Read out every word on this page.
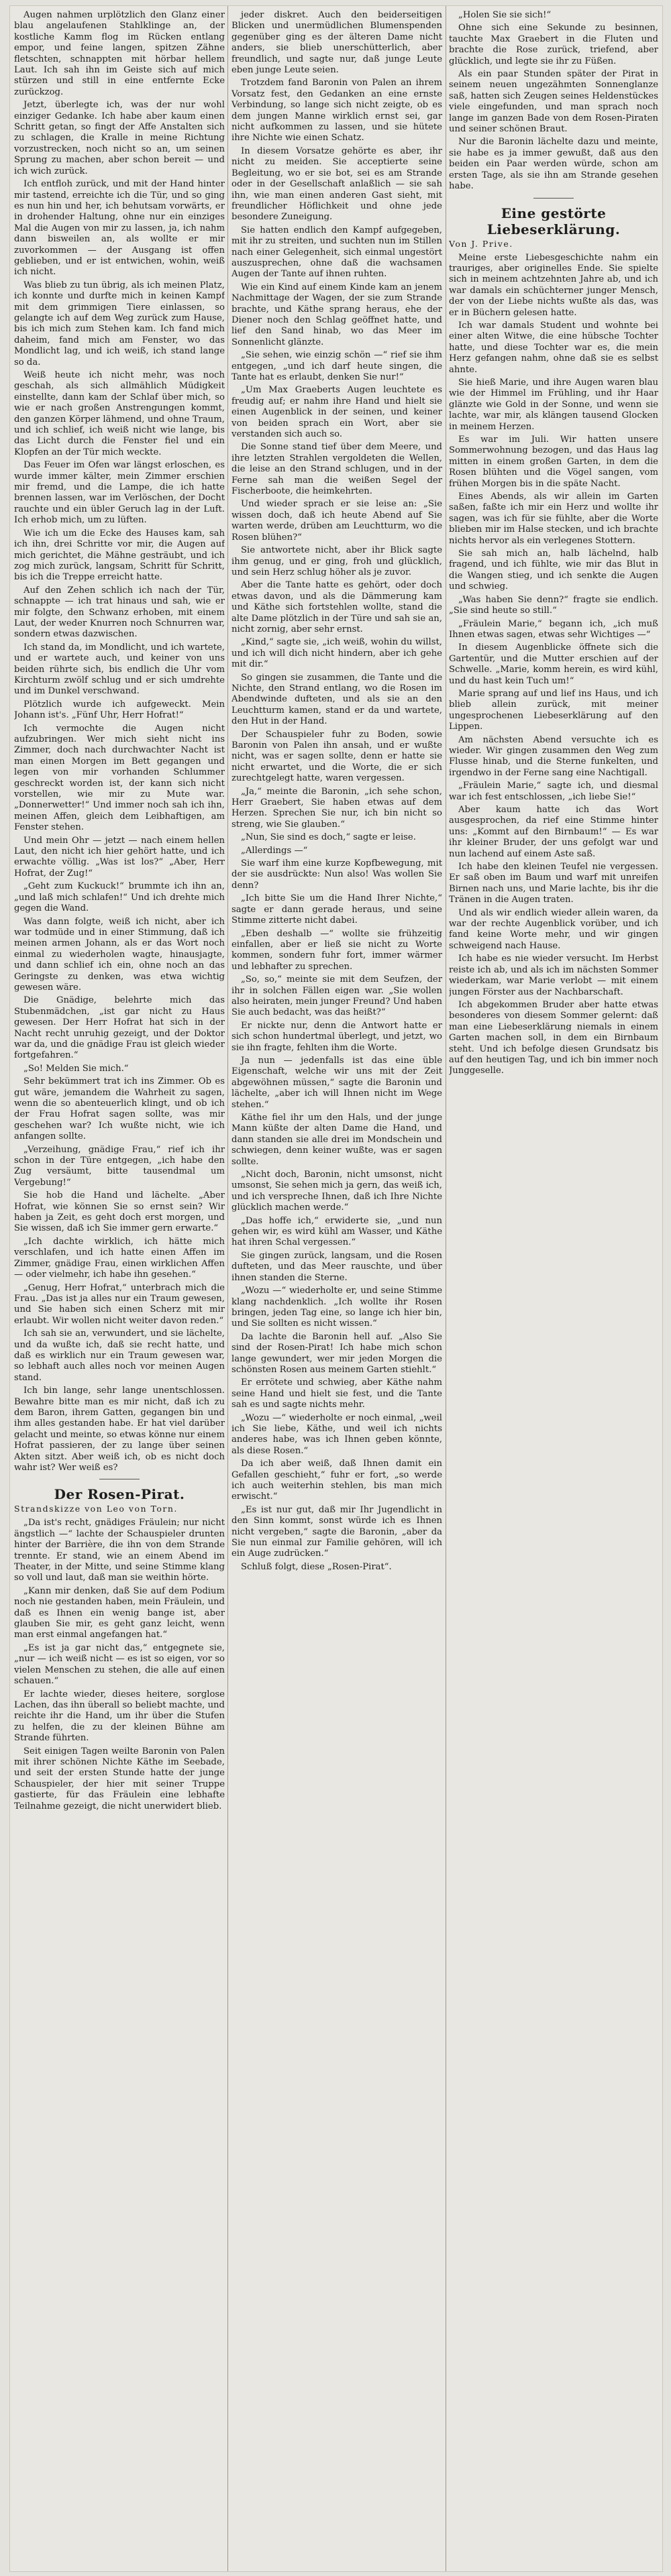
Augen nahmen urplötzlich den Glanz einer blau angelaufenen Stahlklinge an, der kostliche Kamm flog im Rücken entlang empor, und feine langen, spitzen Zähne fletschten, schnappten mit hörbar hellem Laut. Ich sah ihn im Geiste sich auf mich stürzen und still in eine entfernte Ecke zurückzog.

Jetzt, überlegte ich, was der nur wohl einziger Gedanke. Ich habe aber kaum einen Schritt getan, so fingt der Affe Anstalten sich zu schlagen, die Kralle in meine Richtung vorzustrecken, noch nicht so an, um seinen Sprung zu machen, aber schon bereit — und ich wich zurück.

Ich entfloh zurück, und mit der Hand hinter mir tastend, erreichte ich die Tür, und so ging es nun hin und her, ich behutsam vorwärts, er in drohender Haltung, ohne nur ein einziges Mal die Augen von mir zu lassen, ja, ich nahm dann bisweilen an, als wollte er mir zuvorkommen — der Ausgang ist offen geblieben, und er ist entwichen, wohin, weiß ich nicht.

Was blieb zu tun übrig, als ich meinen Platz, ich konnte und durfte mich in keinen Kampf mit dem grimmigen Tiere einlassen, so gelangte ich auf dem Weg zurück zum Hause, bis ich mich zum Stehen kam. Ich fand mich daheim, fand mich am Fenster, wo das Mondlicht lag, und ich weiß, ich stand lange so da.

Weiß heute ich nicht mehr, was noch geschah, als sich allmählich Müdigkeit einstellte, dann kam der Schlaf über mich, so wie er nach großen Anstrengungen kommt, den ganzen Körper lähmend, und ohne Traum, und ich schlief, ich weiß nicht wie lange, bis das Licht durch die Fenster fiel und ein Klopfen an der Tür mich weckte.

Das Feuer im Ofen war längst erloschen, es wurde immer kälter, mein Zimmer erschien mir fremd, und die Lampe, die ich hatte brennen lassen, war im Verlöschen, der Docht rauchte und ein übler Geruch lag in der Luft. Ich erhob mich, um zu lüften.

Wie ich um die Ecke des Hauses kam, sah ich ihn, drei Schritte vor mir, die Augen auf mich gerichtet, die Mähne gesträubt, und ich zog mich zurück, langsam, Schritt für Schritt, bis ich die Treppe erreicht hatte.

Auf den Zehen schlich ich nach der Tür, schnappte — ich trat hinaus und sah, wie er mir folgte, den Schwanz erhoben, mit einem Laut, der weder Knurren noch Schnurren war, sondern etwas dazwischen.

Ich stand da, im Mondlicht, und ich wartete, und er wartete auch, und keiner von uns beiden rührte sich, bis endlich die Uhr vom Kirchturm zwölf schlug und er sich umdrehte und im Dunkel verschwand.

Plötzlich wurde ich aufgeweckt. Mein Johann ist's. „Fünf Uhr, Herr Hofrat!“

Ich vermochte die Augen nicht aufzubringen. Wer mich sieht nicht ins Zimmer, doch nach durchwachter Nacht ist man einen Morgen im Bett gegangen und legen von mir vorhanden Schlummer geschreckt worden ist, der kann sich nicht vorstellen, wie mir zu Mute war. „Donnerwetter!“ Und immer noch sah ich ihn, meinen Affen, gleich dem Leibhaftigen, am Fenster stehen.

Und mein Ohr — jetzt — nach einem hellen Laut, den nicht ich hier gehört hatte, und ich erwachte völlig. „Was ist los?“ „Aber, Herr Hofrat, der Zug!“

„Geht zum Kuckuck!“ brummte ich ihn an, „und laß mich schlafen!“ Und ich drehte mich gegen die Wand.

Was dann folgte, weiß ich nicht, aber ich war todmüde und in einer Stimmung, daß ich meinen armen Johann, als er das Wort noch einmal zu wiederholen wagte, hinausjagte, und dann schlief ich ein, ohne noch an das Geringste zu denken, was etwa wichtig gewesen wäre.

Die Gnädige, belehrte mich das Stubenmädchen, „ist gar nicht zu Haus gewesen. Der Herr Hofrat hat sich in der Nacht recht unruhig gezeigt, und der Doktor war da, und die gnädige Frau ist gleich wieder fortgefahren.“

„So! Melden Sie mich.“

Sehr bekümmert trat ich ins Zimmer. Ob es gut wäre, jemandem die Wahrheit zu sagen, wenn die so abenteuerlich klingt, und ob ich der Frau Hofrat sagen sollte, was mir geschehen war? Ich wußte nicht, wie ich anfangen sollte.

„Verzeihung, gnädige Frau,“ rief ich ihr schon in der Türe entgegen, „ich habe den Zug versäumt, bitte tausendmal um Vergebung!“

Sie hob die Hand und lächelte. „Aber Hofrat, wie können Sie so ernst sein? Wir haben ja Zeit, es geht doch erst morgen, und Sie wissen, daß ich Sie immer gern erwarte.“

„Ich dachte wirklich, ich hätte mich verschlafen, und ich hatte einen Affen im Zimmer, gnädige Frau, einen wirklichen Affen — oder vielmehr, ich habe ihn gesehen.“

„Genug, Herr Hofrat,“ unterbrach mich die Frau. „Das ist ja alles nur ein Traum gewesen, und Sie haben sich einen Scherz mit mir erlaubt. Wir wollen nicht weiter davon reden.“

Ich sah sie an, verwundert, und sie lächelte, und da wußte ich, daß sie recht hatte, und daß es wirklich nur ein Traum gewesen war, so lebhaft auch alles noch vor meinen Augen stand.

Ich bin lange, sehr lange unentschlossen. Bewahre bitte man es mir nicht, daß ich zu dem Baron, ihrem Gatten, gegangen bin und ihm alles gestanden habe. Er hat viel darüber gelacht und meinte, so etwas könne nur einem Hofrat passieren, der zu lange über seinen Akten sitzt. Aber weiß ich, ob es nicht doch wahr ist? Wer weiß es?

Der Rosen-Pirat.
Strandskizze von Leo von Torn.

„Da ist's recht, gnädiges Fräulein; nur nicht ängstlich —“ lachte der Schauspieler drunten hinter der Barrière, die ihn von dem Strande trennte. Er stand, wie an einem Abend im Theater, in der Mitte, und seine Stimme klang so voll und laut, daß man sie weithin hörte.

„Kann mir denken, daß Sie auf dem Podium noch nie gestanden haben, mein Fräulein, und daß es Ihnen ein wenig bange ist, aber glauben Sie mir, es geht ganz leicht, wenn man erst einmal angefangen hat.“

„Es ist ja gar nicht das,“ entgegnete sie, „nur — ich weiß nicht — es ist so eigen, vor so vielen Menschen zu stehen, die alle auf einen schauen.“

Er lachte wieder, dieses heitere, sorglose Lachen, das ihn überall so beliebt machte, und reichte ihr die Hand, um ihr über die Stufen zu helfen, die zu der kleinen Bühne am Strande führten.

Seit einigen Tagen weilte Baronin von Palen mit ihrer schönen Nichte Käthe im Seebade, und seit der ersten Stunde hatte der junge Schauspieler, der hier mit seiner Truppe gastierte, für das Fräulein eine lebhafte Teilnahme gezeigt, die nicht unerwidert blieb.

jeder diskret. Auch den beiderseitigen Blicken und unermüdlichen Blumenspenden gegenüber ging es der älteren Dame nicht anders, sie blieb unerschütterlich, aber freundlich, und sagte nur, daß junge Leute eben junge Leute seien.

Trotzdem fand Baronin von Palen an ihrem Vorsatz fest, den Gedanken an eine ernste Verbindung, so lange sich nicht zeigte, ob es dem jungen Manne wirklich ernst sei, gar nicht aufkommen zu lassen, und sie hütete ihre Nichte wie einen Schatz.

In diesem Vorsatze gehörte es aber, ihr nicht zu meiden. Sie acceptierte seine Begleitung, wo er sie bot, sei es am Strande oder in der Gesellschaft anlaßlich — sie sah ihn, wie man einen anderen Gast sieht, mit freundlicher Höflichkeit und ohne jede besondere Zuneigung.

Sie hatten endlich den Kampf aufgegeben, mit ihr zu streiten, und suchten nun im Stillen nach einer Gelegenheit, sich einmal ungestört auszusprechen, ohne daß die wachsamen Augen der Tante auf ihnen ruhten.

Wie ein Kind auf einem Kinde kam an jenem Nachmittage der Wagen, der sie zum Strande brachte, und Käthe sprang heraus, ehe der Diener noch den Schlag geöffnet hatte, und lief den Sand hinab, wo das Meer im Sonnenlicht glänzte.

„Sie sehen, wie einzig schön —“ rief sie ihm entgegen, „und ich darf heute singen, die Tante hat es erlaubt, denken Sie nur!“

„Um Max Graeberts Augen leuchtete es freudig auf; er nahm ihre Hand und hielt sie einen Augenblick in der seinen, und keiner von beiden sprach ein Wort, aber sie verstanden sich auch so.

Die Sonne stand tief über dem Meere, und ihre letzten Strahlen vergoldeten die Wellen, die leise an den Strand schlugen, und in der Ferne sah man die weißen Segel der Fischerboote, die heimkehrten.

Und wieder sprach er sie leise an: „Sie wissen doch, daß ich heute Abend auf Sie warten werde, drüben am Leuchtturm, wo die Rosen blühen?“

Sie antwortete nicht, aber ihr Blick sagte ihm genug, und er ging, froh und glücklich, und sein Herz schlug höher als je zuvor.

Aber die Tante hatte es gehört, oder doch etwas davon, und als die Dämmerung kam und Käthe sich fortstehlen wollte, stand die alte Dame plötzlich in der Türe und sah sie an, nicht zornig, aber sehr ernst.

„Kind,“ sagte sie, „ich weiß, wohin du willst, und ich will dich nicht hindern, aber ich gehe mit dir.“

So gingen sie zusammen, die Tante und die Nichte, den Strand entlang, wo die Rosen im Abendwinde dufteten, und als sie an den Leuchtturm kamen, stand er da und wartete, den Hut in der Hand.

Der Schauspieler fuhr zu Boden, sowie Baronin von Palen ihn ansah, und er wußte nicht, was er sagen sollte, denn er hatte sie nicht erwartet, und die Worte, die er sich zurechtgelegt hatte, waren vergessen.

„Ja,“ meinte die Baronin, „ich sehe schon, Herr Graebert, Sie haben etwas auf dem Herzen. Sprechen Sie nur, ich bin nicht so streng, wie Sie glauben.“

„Nun, Sie sind es doch,“ sagte er leise.

„Allerdings —“

Sie warf ihm eine kurze Kopfbewegung, mit der sie ausdrückte: Nun also! Was wollen Sie denn?

„Ich bitte Sie um die Hand Ihrer Nichte,“ sagte er dann gerade heraus, und seine Stimme zitterte nicht dabei.

„Eben deshalb —“ wollte sie frühzeitig einfallen, aber er ließ sie nicht zu Worte kommen, sondern fuhr fort, immer wärmer und lebhafter zu sprechen.

„So, so,“ meinte sie mit dem Seufzen, der ihr in solchen Fällen eigen war. „Sie wollen also heiraten, mein junger Freund? Und haben Sie auch bedacht, was das heißt?“

Er nickte nur, denn die Antwort hatte er sich schon hundertmal überlegt, und jetzt, wo sie ihn fragte, fehlten ihm die Worte.

Ja nun — jedenfalls ist das eine üble Eigenschaft, welche wir uns mit der Zeit abgewöhnen müssen,“ sagte die Baronin und lächelte, „aber ich will Ihnen nicht im Wege stehen.“

Käthe fiel ihr um den Hals, und der junge Mann küßte der alten Dame die Hand, und dann standen sie alle drei im Mondschein und schwiegen, denn keiner wußte, was er sagen sollte.

„Nicht doch, Baronin, nicht umsonst, nicht umsonst, Sie sehen mich ja gern, das weiß ich, und ich verspreche Ihnen, daß ich Ihre Nichte glücklich machen werde.“

„Das hoffe ich,“ erwiderte sie, „und nun gehen wir, es wird kühl am Wasser, und Käthe hat ihren Schal vergessen.“

Sie gingen zurück, langsam, und die Rosen dufteten, und das Meer rauschte, und über ihnen standen die Sterne.

„Wozu —“ wiederholte er, und seine Stimme klang nachdenklich. „Ich wollte ihr Rosen bringen, jeden Tag eine, so lange ich hier bin, und Sie sollten es nicht wissen.“

Da lachte die Baronin hell auf. „Also Sie sind der Rosen-Pirat! Ich habe mich schon lange gewundert, wer mir jeden Morgen die schönsten Rosen aus meinem Garten stiehlt.“

Er errötete und schwieg, aber Käthe nahm seine Hand und hielt sie fest, und die Tante sah es und sagte nichts mehr.

„Wozu —“ wiederholte er noch einmal, „weil ich Sie liebe, Käthe, und weil ich nichts anderes habe, was ich Ihnen geben könnte, als diese Rosen.“

Da ich aber weiß, daß Ihnen damit ein Gefallen geschieht,“ fuhr er fort, „so werde ich auch weiterhin stehlen, bis man mich erwischt.“

„Es ist nur gut, daß mir Ihr Jugendlicht in den Sinn kommt, sonst würde ich es Ihnen nicht vergeben,“ sagte die Baronin, „aber da Sie nun einmal zur Familie gehören, will ich ein Auge zudrücken.“

Schluß folgt, diese „Rosen-Pirat“.

„Holen Sie sie sich!“

Ohne sich eine Sekunde zu besinnen, tauchte Max Graebert in die Fluten und brachte die Rose zurück, triefend, aber glücklich, und legte sie ihr zu Füßen.

Als ein paar Stunden später der Pirat in seinem neuen ungezähmten Sonnenglanze saß, hatten sich Zeugen seines Heldenstückes viele eingefunden, und man sprach noch lange im ganzen Bade von dem Rosen-Piraten und seiner schönen Braut.

Nur die Baronin lächelte dazu und meinte, sie habe es ja immer gewußt, daß aus den beiden ein Paar werden würde, schon am ersten Tage, als sie ihn am Strande gesehen habe.

Eine gestörte Liebeserklärung.
Von J. Prive.

Meine erste Liebesgeschichte nahm ein trauriges, aber originelles Ende. Sie spielte sich in meinem achtzehnten Jahre ab, und ich war damals ein schüchterner junger Mensch, der von der Liebe nichts wußte als das, was er in Büchern gelesen hatte.

Ich war damals Student und wohnte bei einer alten Witwe, die eine hübsche Tochter hatte, und diese Tochter war es, die mein Herz gefangen nahm, ohne daß sie es selbst ahnte.

Sie hieß Marie, und ihre Augen waren blau wie der Himmel im Frühling, und ihr Haar glänzte wie Gold in der Sonne, und wenn sie lachte, war mir, als klängen tausend Glocken in meinem Herzen.

Es war im Juli. Wir hatten unsere Sommerwohnung bezogen, und das Haus lag mitten in einem großen Garten, in dem die Rosen blühten und die Vögel sangen, vom frühen Morgen bis in die späte Nacht.

Eines Abends, als wir allein im Garten saßen, faßte ich mir ein Herz und wollte ihr sagen, was ich für sie fühlte, aber die Worte blieben mir im Halse stecken, und ich brachte nichts hervor als ein verlegenes Stottern.

Sie sah mich an, halb lächelnd, halb fragend, und ich fühlte, wie mir das Blut in die Wangen stieg, und ich senkte die Augen und schwieg.

„Was haben Sie denn?“ fragte sie endlich. „Sie sind heute so still.“

„Fräulein Marie,“ begann ich, „ich muß Ihnen etwas sagen, etwas sehr Wichtiges —“

In diesem Augenblicke öffnete sich die Gartentür, und die Mutter erschien auf der Schwelle. „Marie, komm herein, es wird kühl, und du hast kein Tuch um!“

Marie sprang auf und lief ins Haus, und ich blieb allein zurück, mit meiner ungesprochenen Liebeserklärung auf den Lippen.

Am nächsten Abend versuchte ich es wieder. Wir gingen zusammen den Weg zum Flusse hinab, und die Sterne funkelten, und irgendwo in der Ferne sang eine Nachtigall.

„Fräulein Marie,“ sagte ich, und diesmal war ich fest entschlossen, „ich liebe Sie!“

Aber kaum hatte ich das Wort ausgesprochen, da rief eine Stimme hinter uns: „Kommt auf den Birnbaum!“ — Es war ihr kleiner Bruder, der uns gefolgt war und nun lachend auf einem Aste saß.

Ich habe den kleinen Teufel nie vergessen. Er saß oben im Baum und warf mit unreifen Birnen nach uns, und Marie lachte, bis ihr die Tränen in die Augen traten.

Und als wir endlich wieder allein waren, da war der rechte Augenblick vorüber, und ich fand keine Worte mehr, und wir gingen schweigend nach Hause.

Ich habe es nie wieder versucht. Im Herbst reiste ich ab, und als ich im nächsten Sommer wiederkam, war Marie verlobt — mit einem jungen Förster aus der Nachbarschaft.

Ich abgekommen Bruder aber hatte etwas besonderes von diesem Sommer gelernt: daß man eine Liebeserklärung niemals in einem Garten machen soll, in dem ein Birnbaum steht. Und ich befolge diesen Grundsatz bis auf den heutigen Tag, und ich bin immer noch Junggeselle.
